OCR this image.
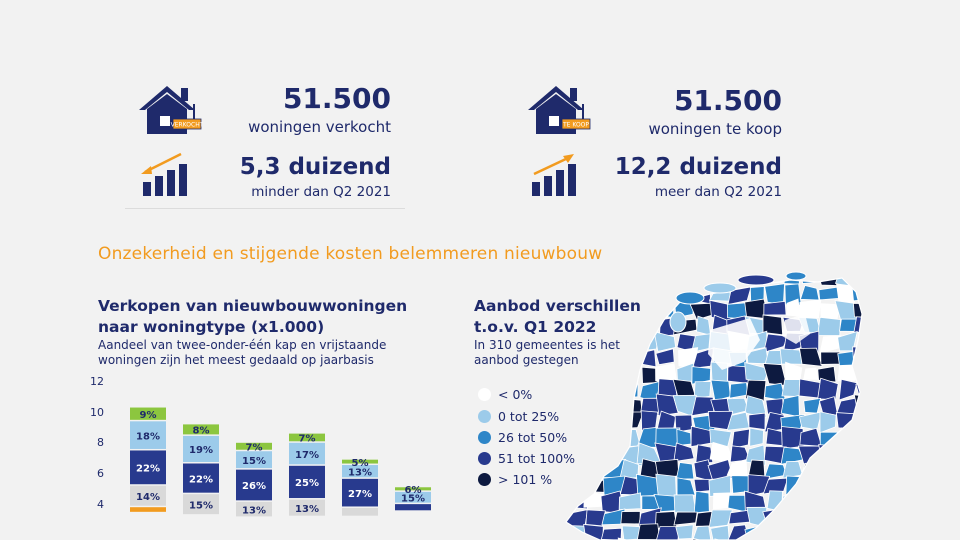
VERKOCHT
51.500
woningen verkocht
5,3 duizend
minder dan Q2 2021
TE KOOP
51.500
woningen te koop
12,2 duizend
meer dan Q2 2021
Onzekerheid en stijgende kosten belemmeren nieuwbouw
Verkopen van nieuwbouwwoningen
naar woningtype (x1.000)
Aandeel van twee-onder-één kap en vrijstaande
woningen zijn het meest gedaald op jaarbasis
4
6
8
10
12
14%
22%
18%
9%
15%
22%
19%
8%
13%
26%
15%
7%
13%
25%
17%
7%
27%
13%
5%
15%
6%
Aanbod verschillen
t.o.v. Q1 2022
In 310 gemeentes is het
aanbod gestegen
< 0%
0 tot 25%
26 tot 50%
51 tot 100%
> 101 %
